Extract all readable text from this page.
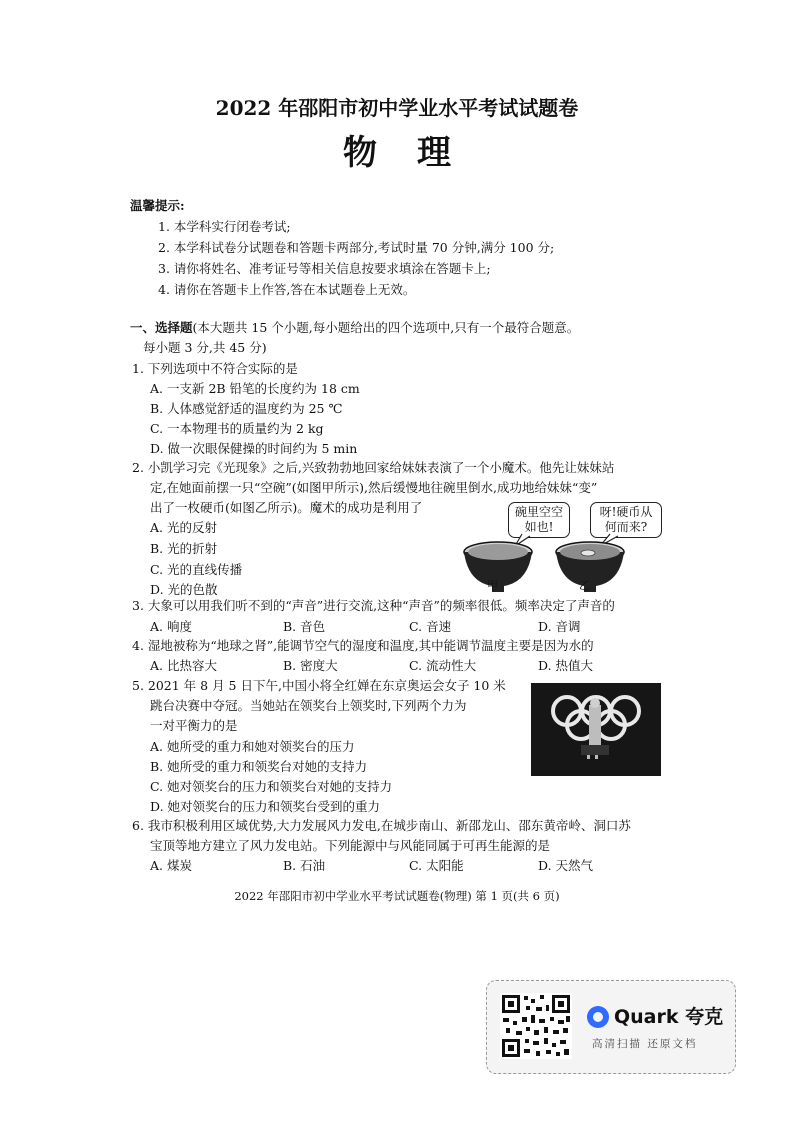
2022 年邵阳市初中学业水平考试试题卷
物理
温馨提示:
1. 本学科实行闭卷考试;
2. 本学科试卷分试题卷和答题卡两部分,考试时量 70 分钟,满分 100 分;
3. 请你将姓名、准考证号等相关信息按要求填涂在答题卡上;
4. 请你在答题卡上作答,答在本试题卷上无效。
一、选择题(本大题共 15 个小题,每小题给出的四个选项中,只有一个最符合题意。
每小题 3 分,共 45 分)
1. 下列选项中不符合实际的是
A. 一支新 2B 铅笔的长度约为 18 cm
B. 人体感觉舒适的温度约为 25 ℃
C. 一本物理书的质量约为 2 kg
D. 做一次眼保健操的时间约为 5 min
2. 小凯学习完《光现象》之后,兴致勃勃地回家给妹妹表演了一个小魔术。他先让妹妹站
定,在她面前摆一只“空碗”(如图甲所示),然后缓慢地往碗里倒水,成功地给妹妹“变”
出了一枚硬币(如图乙所示)。魔术的成功是利用了
A. 光的反射
B. 光的折射
C. 光的直线传播
D. 光的色散
碗里空空
如也!
呀!硬币从
何而来?
甲	乙
3. 大象可以用我们听不到的“声音”进行交流,这种“声音”的频率很低。频率决定了声音的
A. 响度	B. 音色	C. 音速	D. 音调
4. 湿地被称为“地球之肾”,能调节空气的湿度和温度,其中能调节温度主要是因为水的
A. 比热容大	B. 密度大	C. 流动性大	D. 热值大
5. 2021 年 8 月 5 日下午,中国小将全红婵在东京奥运会女子 10 米
跳台决赛中夺冠。当她站在领奖台上领奖时,下列两个力为
一对平衡力的是
A. 她所受的重力和她对领奖台的压力
B. 她所受的重力和领奖台对她的支持力
C. 她对领奖台的压力和领奖台对她的支持力
D. 她对领奖台的压力和领奖台受到的重力
6. 我市积极利用区域优势,大力发展风力发电,在城步南山、新邵龙山、邵东黄帝岭、洞口苏
宝顶等地方建立了风力发电站。下列能源中与风能同属于可再生能源的是
A. 煤炭	B. 石油	C. 太阳能	D. 天然气
2022 年邵阳市初中学业水平考试试题卷(物理) 第 1 页(共 6 页)
Quark 夸克
高清扫描 还原文档
